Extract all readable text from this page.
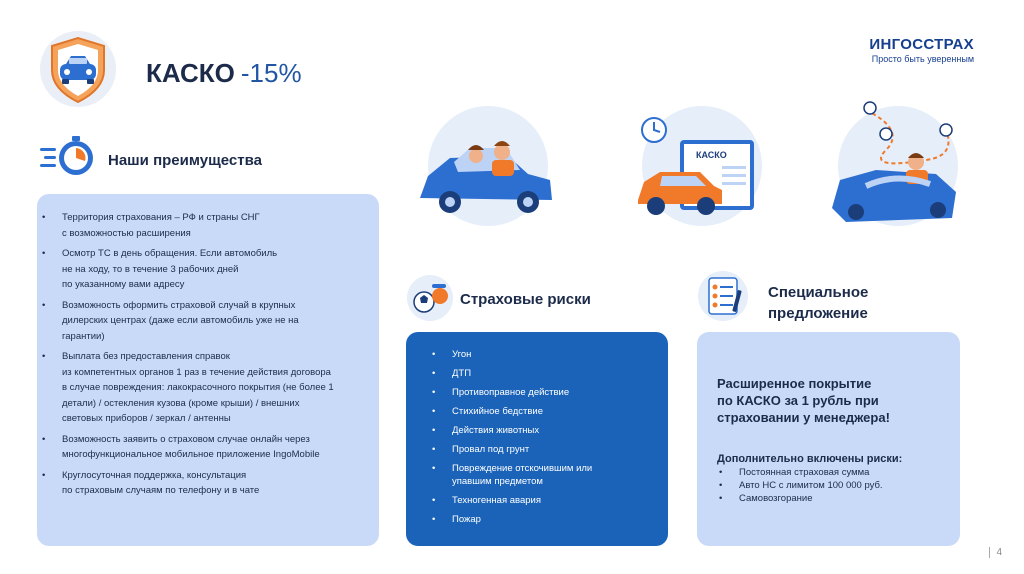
КАСКО -15%
ИНГОССТРАХ
Просто быть уверенным
Наши преимущества
• Территория страхования – РФ и страны СНГ
с возможностью расширения
• Осмотр ТС в день обращения. Если автомобиль
не на ходу, то в течение 3 рабочих дней
по указанному вами адресу
• Возможность оформить страховой случай в крупных
дилерских центрах (даже если автомобиль уже не на
гарантии)
• Выплата без предоставления справок
из компетентных органов 1 раз в течение действия договора
в случае повреждения: лакокрасочного покрытия (не более 1
детали) / остекления кузова (кроме крыши) / внешних
световых приборов / зеркал / антенны
• Возможность заявить о страховом случае онлайн через
многофункциональное мобильное приложение IngoMobile
• Круглосуточная поддержка, консультация
по страховым случаям по телефону и в чате
КАСКО
Страховые риски
• Угон
• ДТП
• Противоправное действие
• Стихийное бедствие
• Действия животных
• Провал под грунт
• Повреждение отскочившим или
упавшим предметом
• Техногенная авария
• Пожар
Специальное
предложение
Расширенное покрытие
по КАСКО за 1 рубль при
страховании у менеджера!
Дополнительно включены риски:
• Постоянная страховая сумма
• Авто НС с лимитом 100 000 руб.
• Самовозгорание
4
